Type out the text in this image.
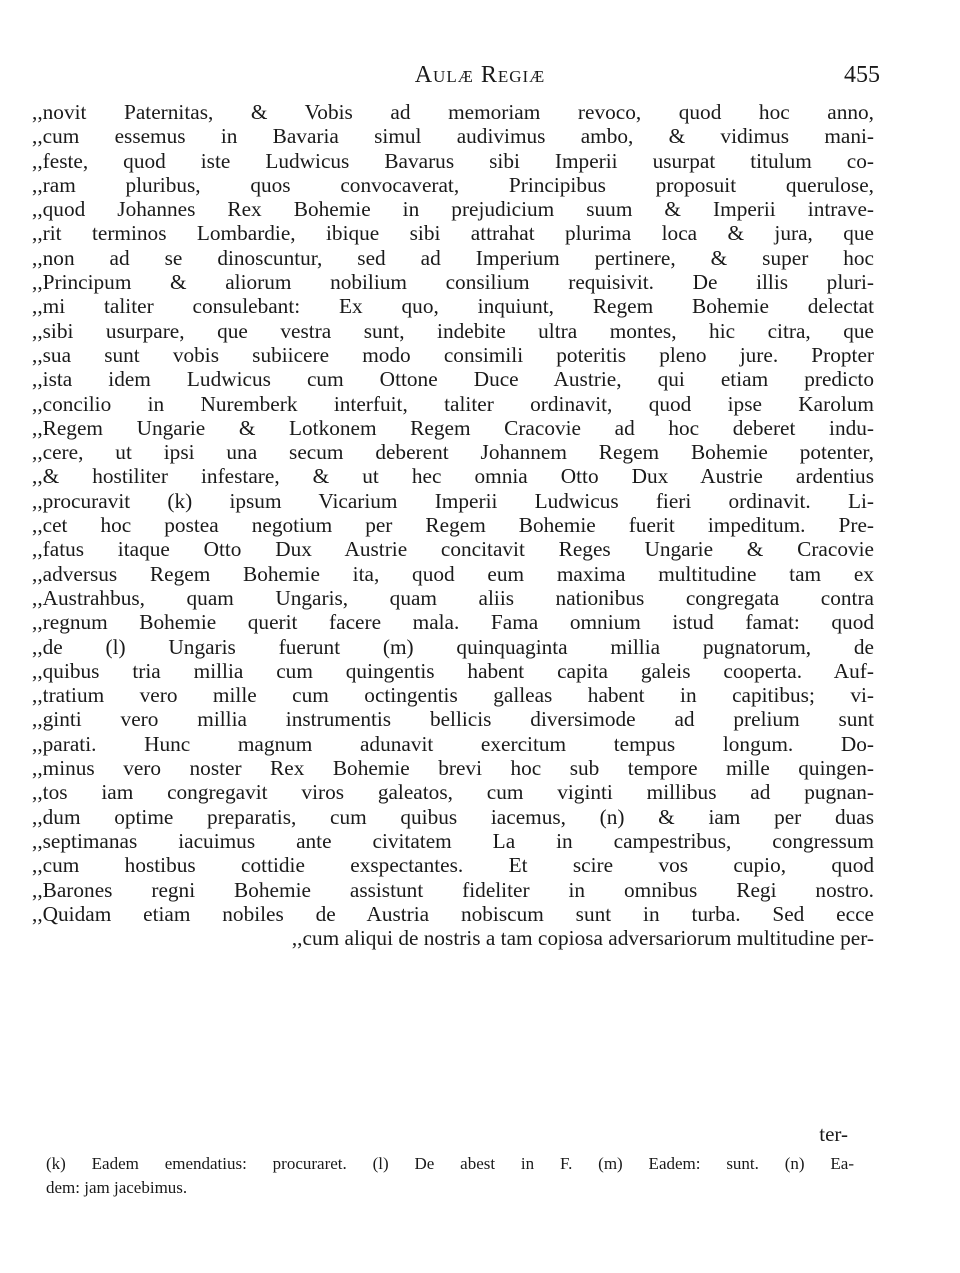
Aulæ Regiæ	455
,,novit Paternitas, & Vobis ad memoriam revoco, quod hoc anno,
,,cum essemus in Bavaria simul audivimus ambo, & vidimus mani-
,,feste, quod iste Ludwicus Bavarus sibi Imperii usurpat titulum co-
,,ram pluribus, quos convocaverat, Principibus proposuit querulose,
,,quod Johannes Rex Bohemie in prejudicium suum & Imperii intrave-
,,rit terminos Lombardie, ibique sibi attrahat plurima loca & jura, que
,,non ad se dinoscuntur, sed ad Imperium pertinere, & super hoc
,,Principum & aliorum nobilium consilium requisivit. De illis pluri-
,,mi taliter consulebant: Ex quo, inquiunt, Regem Bohemie delectat
,,sibi usurpare, que vestra sunt, indebite ultra montes, hic citra, que
,,sua sunt vobis subiicere modo consimili poteritis pleno jure. Propter
,,ista idem Ludwicus cum Ottone Duce Austrie, qui etiam predicto
,,concilio in Nuremberk interfuit, taliter ordinavit, quod ipse Karolum
,,Regem Ungarie & Lotkonem Regem Cracovie ad hoc deberet indu-
,,cere, ut ipsi una secum deberent Johannem Regem Bohemie potenter,
,,& hostiliter infestare, & ut hec omnia Otto Dux Austrie ardentius
,,procuravit (k) ipsum Vicarium Imperii Ludwicus fieri ordinavit. Li-
,,cet hoc postea negotium per Regem Bohemie fuerit impeditum. Pre-
,,fatus itaque Otto Dux Austrie concitavit Reges Ungarie & Cracovie
,,adversus Regem Bohemie ita, quod eum maxima multitudine tam ex
,,Austrahbus, quam Ungaris, quam aliis nationibus congregata contra
,,regnum Bohemie querit facere mala. Fama omnium istud famat: quod
,,de (l) Ungaris fuerunt (m) quinquaginta millia pugnatorum, de
,,quibus tria millia cum quingentis habent capita galeis cooperta. Auf-
,,tratium vero mille cum octingentis galleas habent in capitibus; vi-
,,ginti vero millia instrumentis bellicis diversimode ad prelium sunt
,,parati. Hunc magnum adunavit exercitum tempus longum. Do-
,,minus vero noster Rex Bohemie brevi hoc sub tempore mille quingen-
,,tos iam congregavit viros galeatos, cum viginti millibus ad pugnan-
,,dum optime preparatis, cum quibus iacemus, (n) & iam per duas
,,septimanas iacuimus ante civitatem La in campestribus, congressum
,,cum hostibus cottidie exspectantes. Et scire vos cupio, quod
,,Barones regni Bohemie assistunt fideliter in omnibus Regi nostro.
,,Quidam etiam nobiles de Austria nobiscum sunt in turba. Sed ecce
,,cum aliqui de nostris a tam copiosa adversariorum multitudine per-
ter-
(k) Eadem emendatius: procuraret. (l) De abest in F. (m) Eadem: sunt. (n) Ea-
dem: jam jacebimus.
